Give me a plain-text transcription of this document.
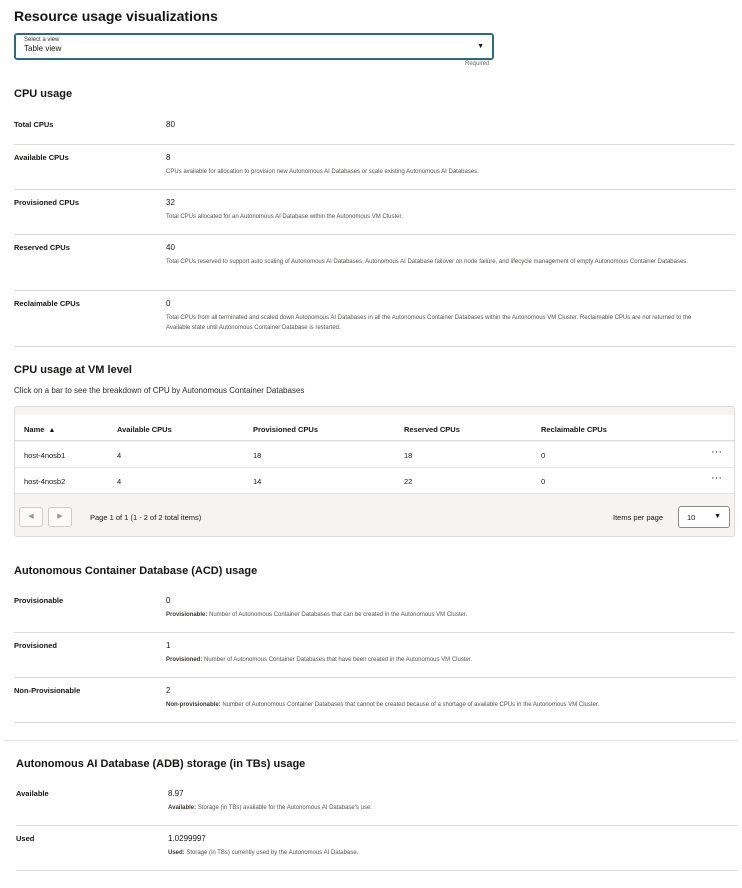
Resource usage visualizations
Select a view
Table view	▼
Required
CPU usage
Total CPUs	80
Available CPUs	8
CPUs available for allocation to provision new Autonomous AI Databases or scale existing Autonomous AI Databases.
Provisioned CPUs	32
Total CPUs allocated for an Autonomous AI Database within the Autonomous VM Cluster.
Reserved CPUs	40
Total CPUs reserved to support auto scaling of Autonomous AI Databases, Autonomous AI Database failover on node failure, and lifecycle management of empty Autonomous Container Databases.
Reclaimable CPUs	0
Total CPUs from all terminated and scaled down Autonomous AI Databases in all the Autonomous Container Databases within the Autonomous VM Cluster. Reclaimable CPUs are not returned to the Available state until Autonomous Container Database is restarted.
CPU usage at VM level
Click on a bar to see the breakdown of CPU by Autonomous Container Databases
Name ▲	Available CPUs	Provisioned CPUs	Reserved CPUs	Reclaimable CPUs
host-4nosb1	4	18	18	0	···
host-4nosb2	4	14	22	0	···
◀	▶	Page 1 of 1 (1 - 2 of 2 total items)	Items per page	10	▼
Autonomous Container Database (ACD) usage
Provisionable	0
Provisionable: Number of Autonomous Container Databases that can be created in the Autonomous VM Cluster.
Provisioned	1
Provisioned: Number of Autonomous Container Databases that have been created in the Autonomous VM Cluster.
Non-Provisionable	2
Non-provisionable: Number of Autonomous Container Databases that cannot be created because of a shortage of available CPUs in the Autonomous VM Cluster.
Autonomous AI Database (ADB) storage (in TBs) usage
Available	8.97
Available: Storage (in TBs) available for the Autonomous AI Database's use.
Used	1.0299997
Used: Storage (in TBs) currently used by the Autonomous AI Database.
